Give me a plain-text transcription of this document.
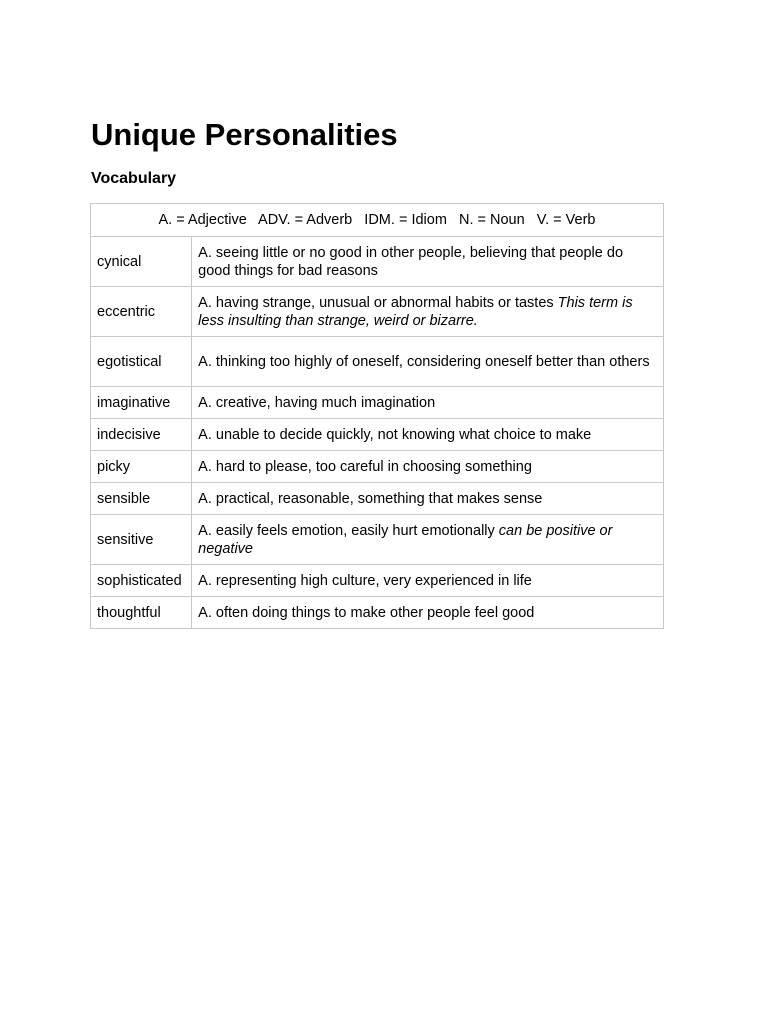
Unique Personalities
Vocabulary
A. = Adjective   ADV. = Adverb   IDM. = Idiom   N. = Noun   V. = Verb	
cynical	A. seeing little or no good in other people, believing that people do good things for bad reasons
eccentric	A. having strange, unusual or abnormal habits or tastes This term is less insulting than strange, weird or bizarre.
egotistical	A. thinking too highly of oneself, considering oneself better than others
imaginative	A. creative, having much imagination
indecisive	A. unable to decide quickly, not knowing what choice to make
picky	A. hard to please, too careful in choosing something
sensible	A. practical, reasonable, something that makes sense
sensitive	A. easily feels emotion, easily hurt emotionally can be positive or negative
sophisticated	A. representing high culture, very experienced in life
thoughtful	A. often doing things to make other people feel good
